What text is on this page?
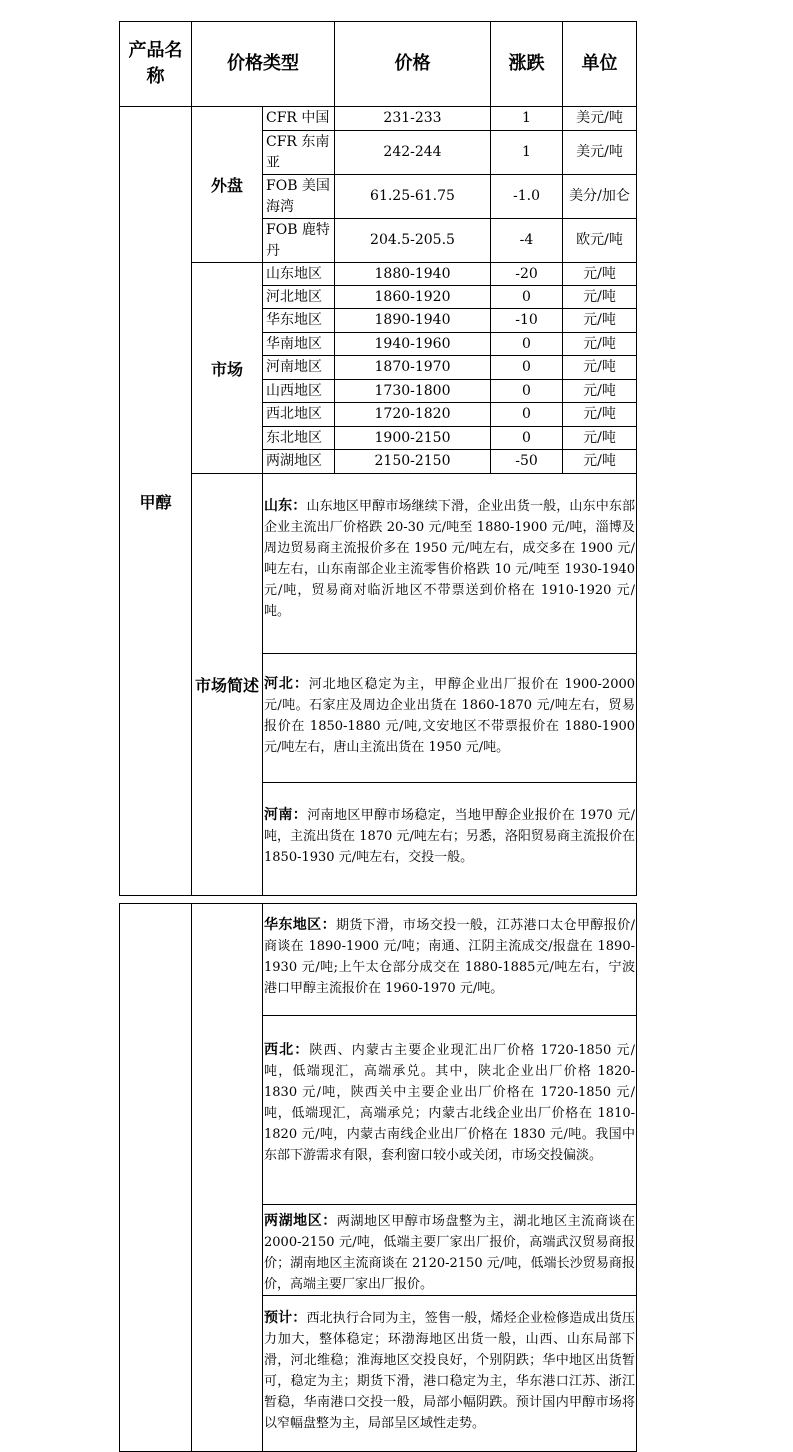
产品名称	价格类型		价格	涨跌	单位
甲醇	外盘	CFR 中国	231-233	1	美元/吨
		CFR 东南亚	242-244	1	美元/吨
		FOB 美国海湾	61.25-61.75	-1.0	美分/加仑
		FOB 鹿特丹	204.5-205.5	-4	欧元/吨
	市场	山东地区	1880-1940	-20	元/吨
		河北地区	1860-1920	0	元/吨
		华东地区	1890-1940	-10	元/吨
		华南地区	1940-1960	0	元/吨
		河南地区	1870-1970	0	元/吨
		山西地区	1730-1800	0	元/吨
		西北地区	1720-1820	0	元/吨
		东北地区	1900-2150	0	元/吨
		两湖地区	2150-2150	-50	元/吨
	市场简述	山东：山东地区甲醇市场继续下滑，企业出货一般，山东中东部企业主流出厂价格跌 20-30 元/吨至 1880-1900 元/吨，淄博及周边贸易商主流报价多在 1950 元/吨左右，成交多在 1900 元/吨左右，山东南部企业主流零售价格跌 10 元/吨至 1930-1940 元/吨，贸易商对临沂地区不带票送到价格在 1910-1920 元/吨。			
		河北：河北地区稳定为主，甲醇企业出厂报价在 1900-2000 元/吨。石家庄及周边企业出货在 1860-1870 元/吨左右，贸易报价在 1850-1880 元/吨,文安地区不带票报价在 1880-1900 元/吨左右，唐山主流出货在 1950 元/吨。			
		河南：河南地区甲醇市场稳定，当地甲醇企业报价在 1970 元/吨，主流出货在 1870 元/吨左右；另悉，洛阳贸易商主流报价在 1850-1930 元/吨左右，交投一般。			
		华东地区：期货下滑，市场交投一般，江苏港口太仓甲醇报价/商谈在 1890-1900 元/吨；南通、江阴主流成交/报盘在 1890-1930 元/吨;上午太仓部分成交在 1880-1885元/吨左右，宁波港口甲醇主流报价在 1960-1970 元/吨。
西北：陕西、内蒙古主要企业现汇出厂价格 1720-1850 元/吨，低端现汇，高端承兑。其中，陕北企业出厂价格 1820-1830 元/吨，陕西关中主要企业出厂价格在 1720-1850 元/吨，低端现汇，高端承兑；内蒙古北线企业出厂价格在 1810-1820 元/吨，内蒙古南线企业出厂价格在 1830 元/吨。我国中东部下游需求有限，套利窗口较小或关闭，市场交投偏淡。
两湖地区：两湖地区甲醇市场盘整为主，湖北地区主流商谈在 2000-2150 元/吨，低端主要厂家出厂报价，高端武汉贸易商报价；湖南地区主流商谈在 2120-2150 元/吨，低端长沙贸易商报价，高端主要厂家出厂报价。
预计：西北执行合同为主，签售一般，烯烃企业检修造成出货压力加大，整体稳定；环渤海地区出货一般，山西、山东局部下滑，河北维稳；淮海地区交投良好，个别阴跌；华中地区出货暂可，稳定为主；期货下滑，港口稳定为主，华东港口江苏、浙江暂稳，华南港口交投一般，局部小幅阴跌。预计国内甲醇市场将以窄幅盘整为主，局部呈区域性走势。
